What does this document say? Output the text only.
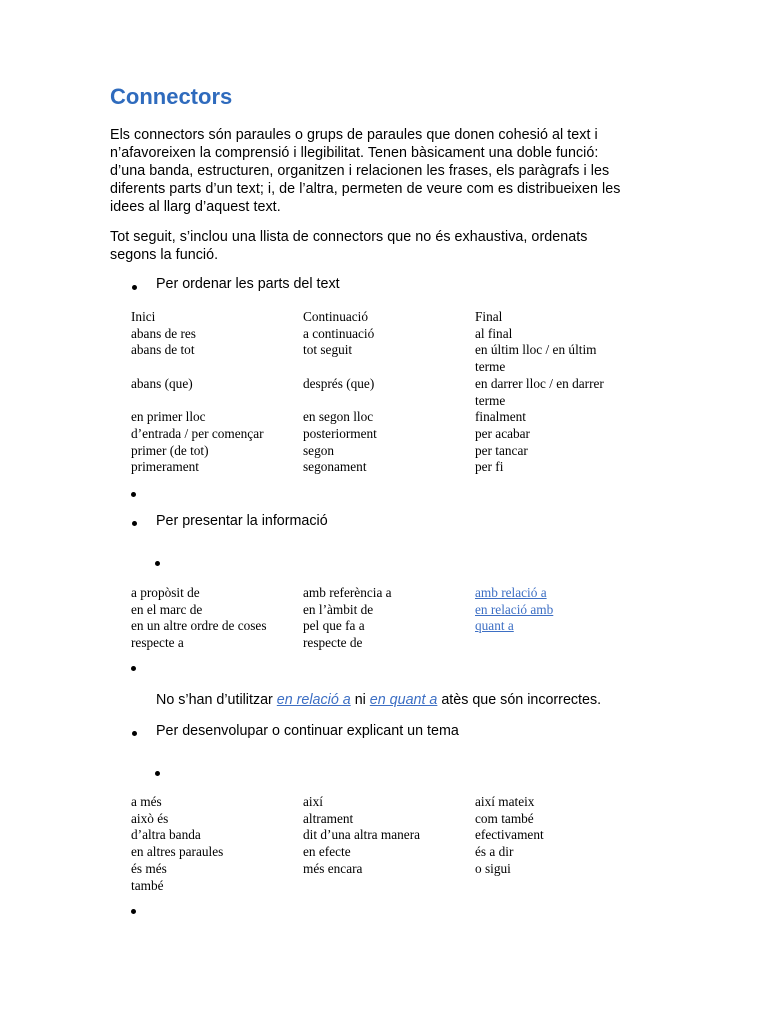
Connectors
Els connectors són paraules o grups de paraules que donen cohesió al text i
n’afavoreixen la comprensió i llegibilitat. Tenen bàsicament una doble funció:
d’una banda, estructuren, organitzen i relacionen les frases, els paràgrafs i les
diferents parts d’un text; i, de l’altra, permeten de veure com es distribueixen les
idees al llarg d’aquest text.
Tot seguit, s’inclou una llista de connectors que no és exhaustiva, ordenats
segons la funció.
Per ordenar les parts del text
Inici
abans de res
abans de tot
abans (que)
en primer lloc
d’entrada / per començar
primer (de tot)
primerament
Continuació
a continuació
tot seguit
després (que)
en segon lloc
posteriorment
segon
segonament
Final
al final
en últim lloc / en últim
terme
en darrer lloc / en darrer
terme
finalment
per acabar
per tancar
per fi
Per presentar la informació
a propòsit de
en el marc de
en un altre ordre de coses
respecte a
amb referència a
en l’àmbit de
pel que fa a
respecte de
amb relació a
en relació amb
quant a
No s’han d’utilitzar en relació a ni en quant a atès que són incorrectes.
Per desenvolupar o continuar explicant un tema
a més
això és
d’altra banda
en altres paraules
és més
també
així
altrament
dit d’una altra manera
en efecte
més encara
així mateix
com també
efectivament
és a dir
o sigui
